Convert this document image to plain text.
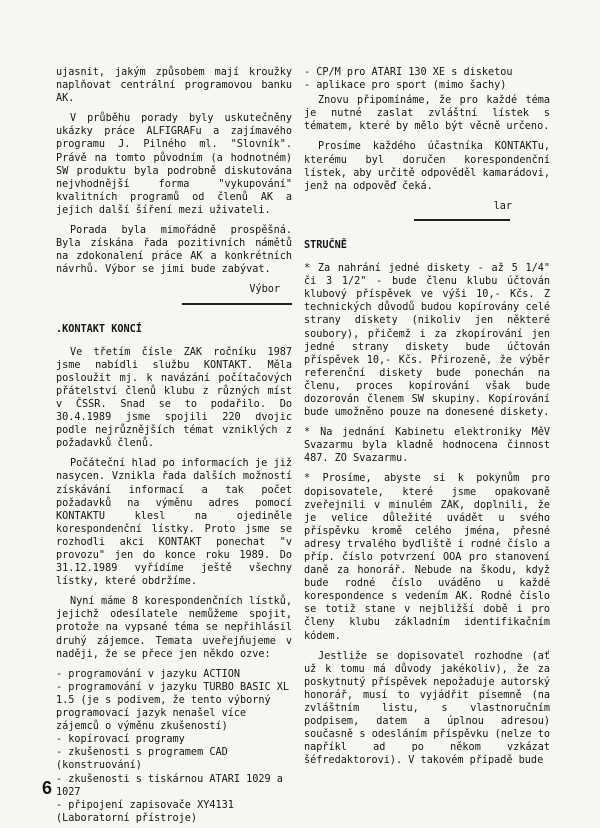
ujasnit, jakým způsobem mají kroužky naplňovat centrální programovou banku AK.

V průběhu porady byly uskutečněny ukázky práce ALFIGRAFu a zajímavého programu J. Pilného ml. "Slovník". Právě na tomto původním (a hodnotném) SW produktu byla podrobně diskutována nejvhodnější forma "vykupování" kvalitních programů od členů AK a jejich další šíření mezi uživateli.

Porada byla mimořádně prospěšná. Byla získána řada pozitivních námětů na zdokonalení práce AK a konkrétních návrhů. Výbor se jimi bude zabývat.

Výbor
.KONTAKT KONCÍ

Ve třetím čísle ZAK ročníku 1987 jsme nabídli službu KONTAKT. Měla posloužit mj. k navázání počítačových přátelství členů klubu z různých míst v ČSSR. Snad se to podařilo. Do 30.4.1989 jsme spojili 220 dvojic podle nejrůznějších témat vzniklých z požadavků členů.

Počáteční hlad po informacích je již nasycen. Vznikla řada dalších možností získávání informací a tak počet požadavků na výměnu adres pomocí KONTAKTU klesl na ojediněle korespondenční lístky. Proto jsme se rozhodli akci KONTAKT ponechat "v provozu" jen do konce roku 1989. Do 31.12.1989 vyřídíme ještě všechny lístky, které obdržíme.

Nyní máme 8 korespondenčních lístků, jejichž odesílatele nemůžeme spojit, protože na vypsané téma se nepřihlásil druhý zájemce. Temata uveřejňujeme v naději, že se přece jen někdo ozve:

- programování v jazyku ACTION
- programování v jazyku TURBO BASIC XL 1.5 (je s podivem, že tento výborný programovací jazyk nenašel více zájemců o výměnu zkušeností)
- kopírovací programy
- zkušenosti s programem CAD (konstruování)
- zkušenosti s tiskárnou ATARI 1029 a 1027
- připojení zapisovače XY4131 (Laboratorní přístroje)
- CP/M pro ATARI 130 XE s disketou
- aplikace pro sport (mimo šachy)

Znovu připomínáme, že pro každé téma je nutné zaslat zvláštní lístek s tématem, které by mělo být věcně určeno.

Prosíme každého účastníka KONTAKTu, kterému byl doručen korespondenční lístek, aby určitě odpověděl kamarádovi, jenž na odpověď čeká.

lar
STRUČNĚ

* Za nahrání jedné diskety - až 5 1/4" či 3 1/2" - bude členu klubu účtován klubový příspěvek ve výši 10,- Kčs. Z technických důvodů budou kopírovány celé strany diskety (nikoliv jen některé soubory), přičemž i za zkopírování jen jedné strany diskety bude účtován příspěvek 10,- Kčs. Přirozeně, že výběr referenční diskety bude ponechán na členu, proces kopírování však bude dozorován členem SW skupiny. Kopírování bude umožněno pouze na donesené diskety.

* Na jednání Kabinetu elektroniky MěV Svazarmu byla kladně hodnocena činnost 487. ZO Svazarmu.

* Prosíme, abyste si k pokynům pro dopisovatele, které jsme opakovaně zveřejnili v minulém ZAK, doplnili, že je velice důležité uvádět u svého příspěvku kromě celého jména, přesné adresy trvalého bydliště i rodné číslo a příp. číslo potvrzení OOA pro stanovení daně za honorář. Nebude na škodu, když bude rodné číslo uváděno u každé korespondence s vedením AK. Rodné číslo se totiž stane v nejbližší době i pro členy klubu základním identifikačním kódem.

Jestliže se dopisovatel rozhodne (ať už k tomu má důvody jakékoliv), že za poskytnutý příspěvek nepožaduje autorský honorář, musí to vyjádřit písemně (na zvláštním listu, s vlastnoručním podpisem, datem a úplnou adresou) současně s odesláním příspěvku (nelze to napříkl ad po někom vzkázat šéfredaktorovi). V takovém případě bude

6
